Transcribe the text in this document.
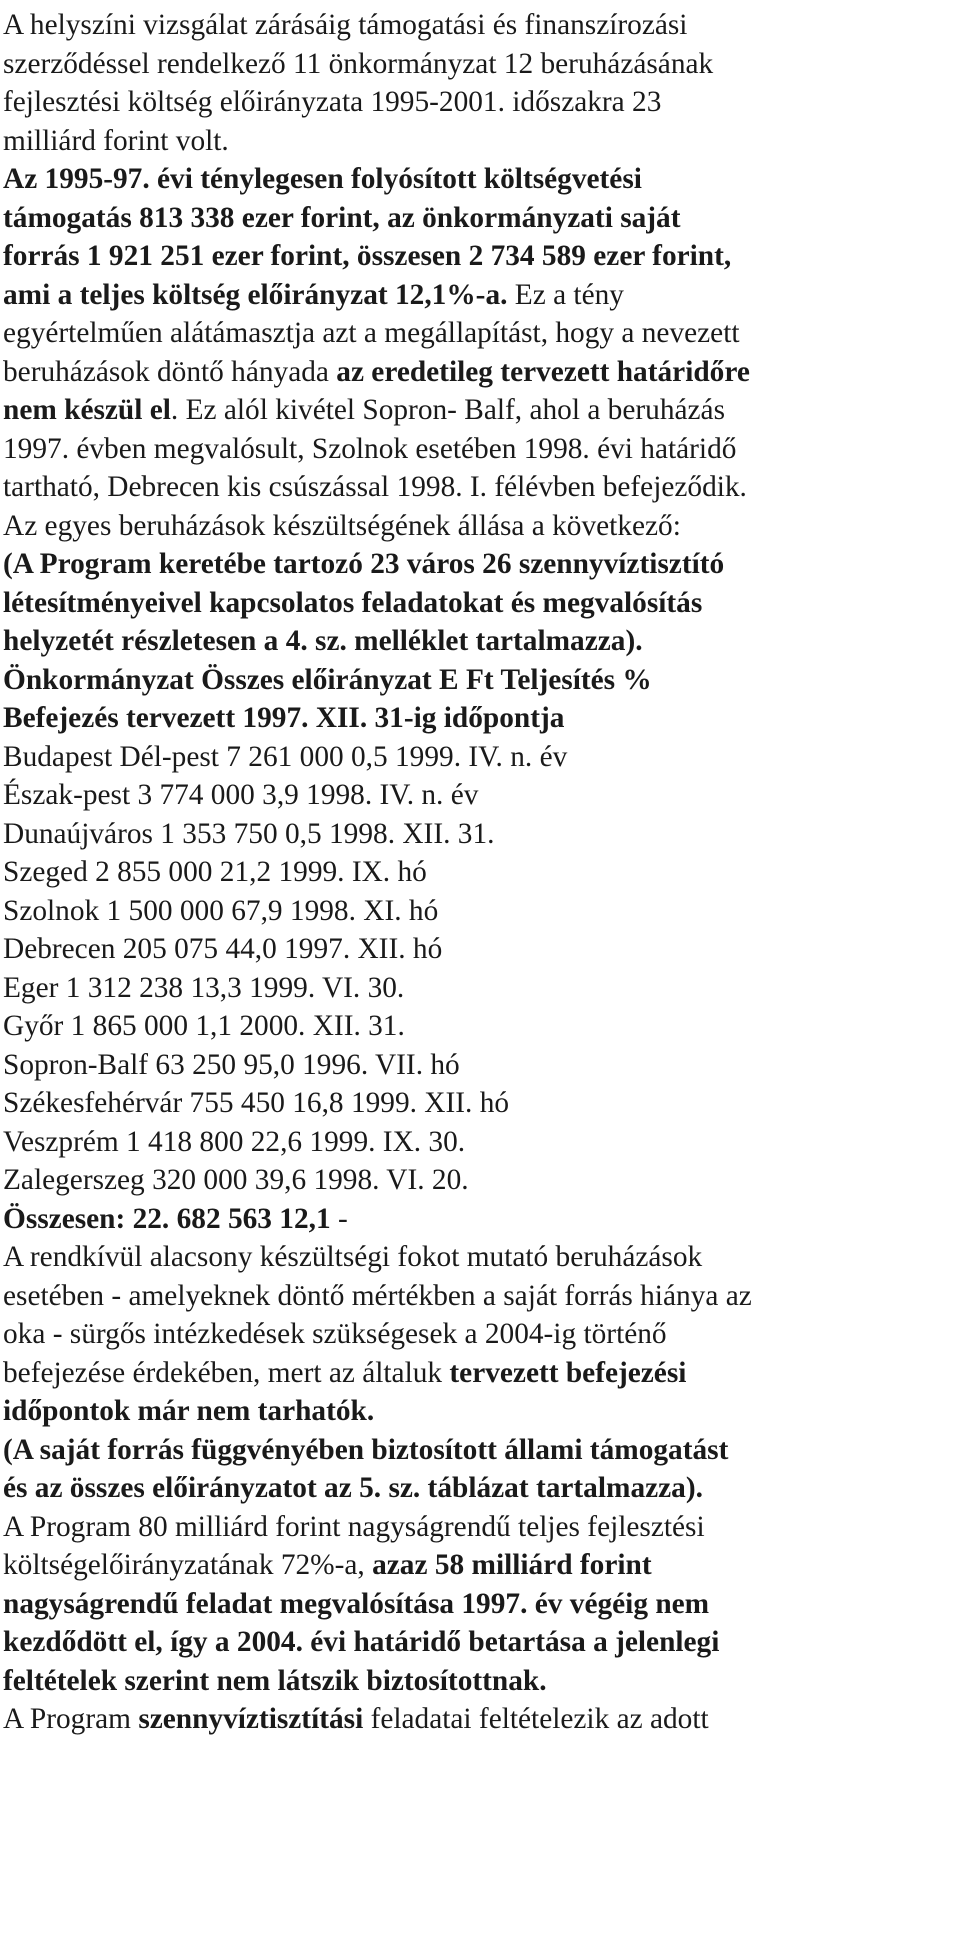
A helyszíni vizsgálat zárásáig támogatási és finanszírozási
szerződéssel rendelkező 11 önkormányzat 12 beruházásának
fejlesztési költség előirányzata 1995-2001. időszakra 23
milliárd forint volt.
Az 1995-97. évi ténylegesen folyósított költségvetési
támogatás 813 338 ezer forint, az önkormányzati saját
forrás 1 921 251 ezer forint, összesen 2 734 589 ezer forint,
ami a teljes költség előirányzat 12,1%-a. Ez a tény
egyértelműen alátámasztja azt a megállapítást, hogy a nevezett
beruházások döntő hányada az eredetileg tervezett határidőre
nem készül el. Ez alól kivétel Sopron- Balf, ahol a beruházás
1997. évben megvalósult, Szolnok esetében 1998. évi határidő
tartható, Debrecen kis csúszással 1998. I. félévben befejeződik.
Az egyes beruházások készültségének állása a következő:
(A Program keretébe tartozó 23 város 26 szennyvíztisztító
létesítményeivel kapcsolatos feladatokat és megvalósítás
helyzetét részletesen a 4. sz. melléklet tartalmazza).
Önkormányzat Összes előirányzat E Ft Teljesítés %
Befejezés tervezett 1997. XII. 31-ig időpontja
Budapest Dél-pest 7 261 000 0,5 1999. IV. n. év
Észak-pest 3 774 000 3,9 1998. IV. n. év
Dunaújváros 1 353 750 0,5 1998. XII. 31.
Szeged 2 855 000 21,2 1999. IX. hó
Szolnok 1 500 000 67,9 1998. XI. hó
Debrecen 205 075 44,0 1997. XII. hó
Eger 1 312 238 13,3 1999. VI. 30.
Győr 1 865 000 1,1 2000. XII. 31.
Sopron-Balf 63 250 95,0 1996. VII. hó
Székesfehérvár 755 450 16,8 1999. XII. hó
Veszprém 1 418 800 22,6 1999. IX. 30.
Zalegerszeg 320 000 39,6 1998. VI. 20.
Összesen: 22. 682 563 12,1 -
A rendkívül alacsony készültségi fokot mutató beruházások
esetében - amelyeknek döntő mértékben a saját forrás hiánya az
oka - sürgős intézkedések szükségesek a 2004-ig történő
befejezése érdekében, mert az általuk tervezett befejezési
időpontok már nem tarhatók.
(A saját forrás függvényében biztosított állami támogatást
és az összes előirányzatot az 5. sz. táblázat tartalmazza).
A Program 80 milliárd forint nagyságrendű teljes fejlesztési
költségelőirányzatának 72%-a, azaz 58 milliárd forint
nagyságrendű feladat megvalósítása 1997. év végéig nem
kezdődött el, így a 2004. évi határidő betartása a jelenlegi
feltételek szerint nem látszik biztosítottnak.
A Program szennyvíztisztítási feladatai feltételezik az adott
